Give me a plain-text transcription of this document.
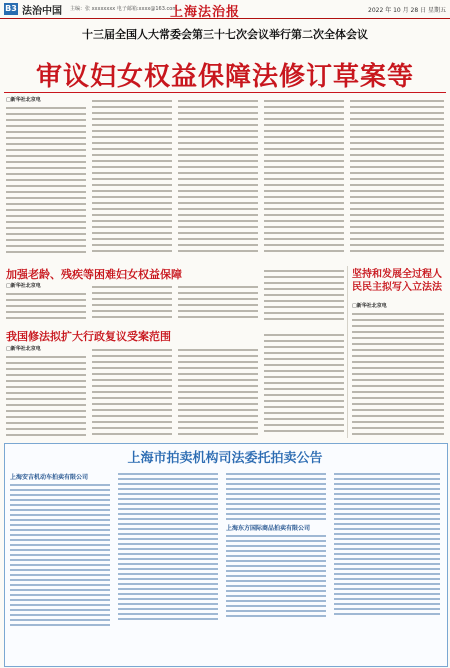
B3 法治中国 主编：张 xxxxxxxx 电子邮箱:xxxx@163.com
上海法治报	2022 年 10 月 28 日 星期五
十三届全国人大常委会第三十七次会议举行第二次全体会议
审议妇女权益保障法修订草案等
□新华社北京电
加强老龄、残疾等困难妇女权益保障
□新华社北京电
我国修法拟扩大行政复议受案范围
□新华社北京电
坚持和发展全过程人民民主拟写入立法法
□新华社北京电
上海市拍卖机构司法委托拍卖公告
上海安吉机动车拍卖有限公司
上海东方国际商品拍卖有限公司
